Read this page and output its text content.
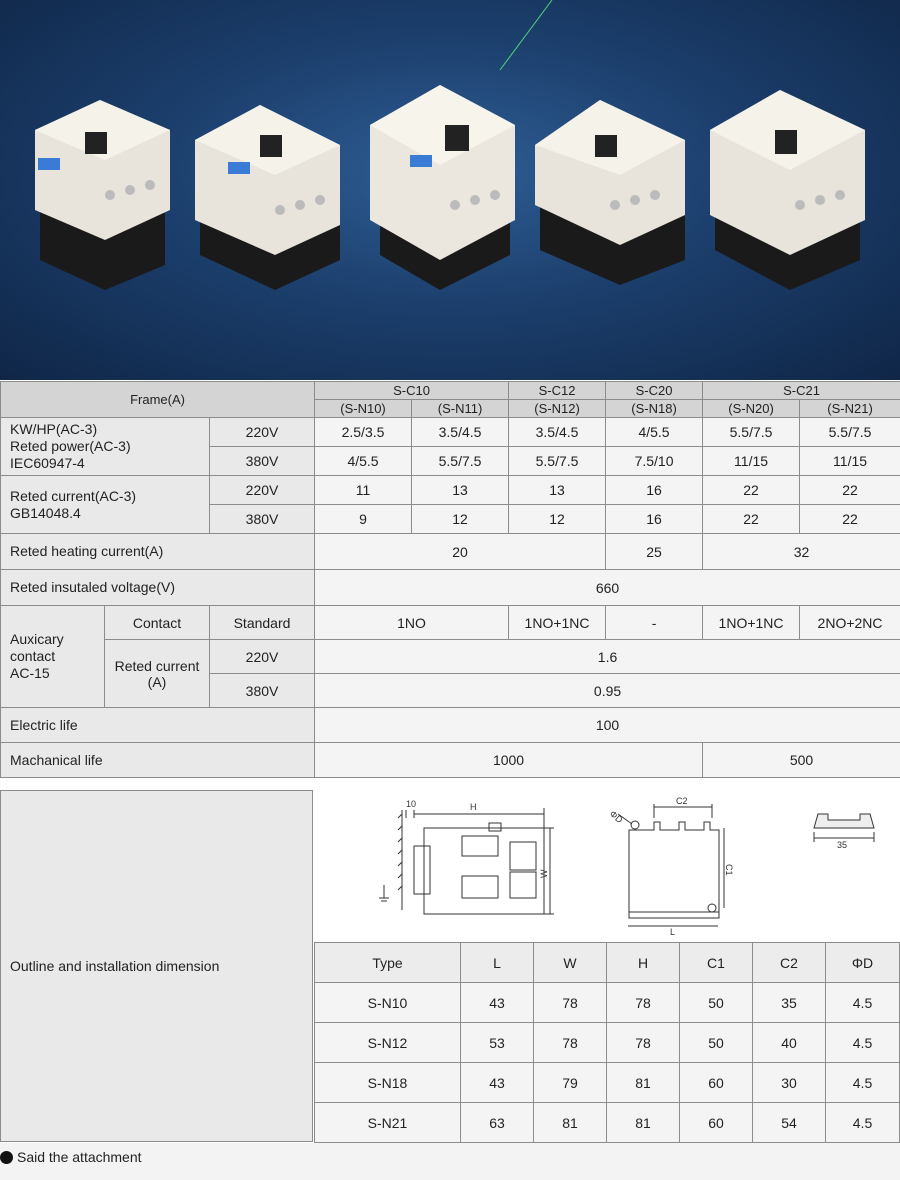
Frame(A)			S-C10		S-C12	S-C20	S-C21	
			(S-N10)	(S-N11)	(S-N12)	(S-N18)	(S-N20)	(S-N21)

KW/HP(AC-3)
Reted power(AC-3)
IEC60947-4		220V	2.5/3.5	3.5/4.5	3.5/4.5	4/5.5	5.5/7.5	5.5/7.5
		380V	4/5.5	5.5/7.5	5.5/7.5	7.5/10	11/15	11/15

Reted current(AC-3)
GB14048.4		220V	11	13	13	16	22	22
		380V	9	12	12	16	22	22
Reted heating current(A)			20			25	32	
Reted insutaled voltage(V)			660					

Auxicary
contact
AC-15	Contact	Standard	1NO		1NO+1NC	-	1NO+1NC	2NO+2NC

	Reted current
(A)	220V	1.6					
		380V	0.95					
Electric life			100					
Machanical life			1000				500	
Outline and installation dimension
10	H
W
C2
C1
L
ΦD
35
Type	L	W	H	C1	C2	ΦD
S-N10	43	78	78	50	35	4.5
S-N12	53	78	78	50	40	4.5
S-N18	43	79	81	60	30	4.5
S-N21	63	81	81	60	54	4.5
Said the attachment
